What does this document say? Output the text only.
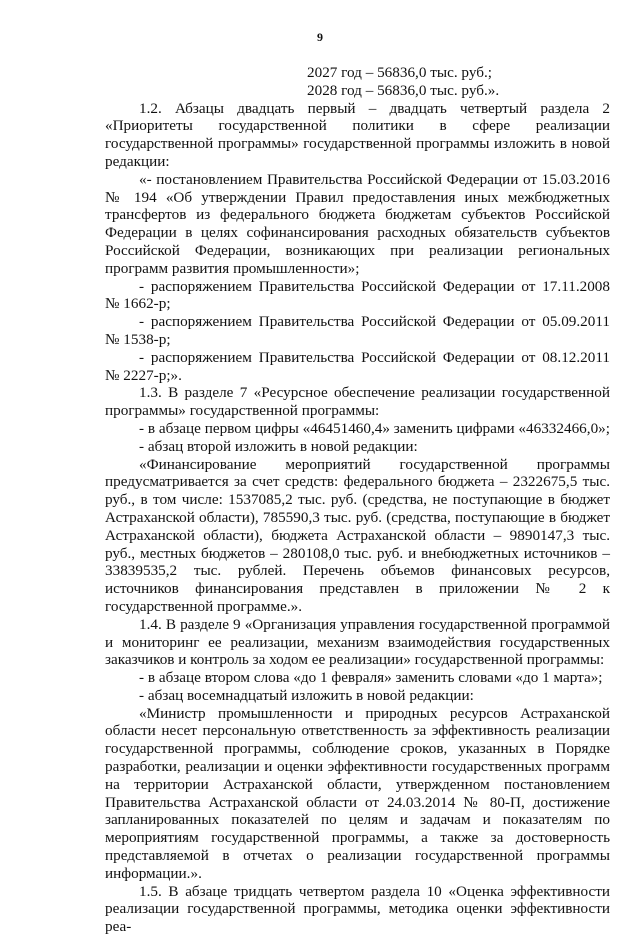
9
2027 год – 56836,0 тыс. руб.;
2028 год – 56836,0 тыс. руб.».

1.2. Абзацы двадцать первый – двадцать четвертый раздела 2 «Приоритеты государственной политики в сфере реализации государственной программы» государственной программы изложить в новой редакции:

«- постановлением Правительства Российской Федерации от 15.03.2016 № 194 «Об утверждении Правил предоставления иных межбюджетных трансфертов из федерального бюджета бюджетам субъектов Российской Федерации в целях софинансирования расходных обязательств субъектов Российской Федерации, возникающих при реализации региональных программ развития промышленности»;

- распоряжением Правительства Российской Федерации от 17.11.2008 № 1662-р;

- распоряжением Правительства Российской Федерации от 05.09.2011 № 1538-р;

- распоряжением Правительства Российской Федерации от 08.12.2011 № 2227-р;».

1.3. В разделе 7 «Ресурсное обеспечение реализации государственной программы» государственной программы:

- в абзаце первом цифры «46451460,4» заменить цифрами «46332466,0»;

- абзац второй изложить в новой редакции:

«Финансирование мероприятий государственной программы предусматривается за счет средств: федерального бюджета – 2322675,5 тыс. руб., в том числе: 1537085,2 тыс. руб. (средства, не поступающие в бюджет Астраханской области), 785590,3 тыс. руб. (средства, поступающие в бюджет Астраханской области), бюджета Астраханской области – 9890147,3 тыс. руб., местных бюджетов – 280108,0 тыс. руб. и внебюджетных источников – 33839535,2 тыс. рублей. Перечень объемов финансовых ресурсов, источников финансирования представлен в приложении № 2 к государственной программе.».

1.4. В разделе 9 «Организация управления государственной программой и мониторинг ее реализации, механизм взаимодействия государственных заказчиков и контроль за ходом ее реализации» государственной программы:

- в абзаце втором слова «до 1 февраля» заменить словами «до 1 марта»;

- абзац восемнадцатый изложить в новой редакции:

«Министр промышленности и природных ресурсов Астраханской области несет персональную ответственность за эффективность реализации государственной программы, соблюдение сроков, указанных в Порядке разработки, реализации и оценки эффективности государственных программ на территории Астраханской области, утвержденном постановлением Правительства Астраханской области от 24.03.2014 № 80-П, достижение запланированных показателей по целям и задачам и показателям по мероприятиям государственной программы, а также за достоверность представляемой в отчетах о реализации государственной программы информации.».

1.5. В абзаце тридцать четвертом раздела 10 «Оценка эффективности реализации государственной программы, методика оценки эффективности реа-
